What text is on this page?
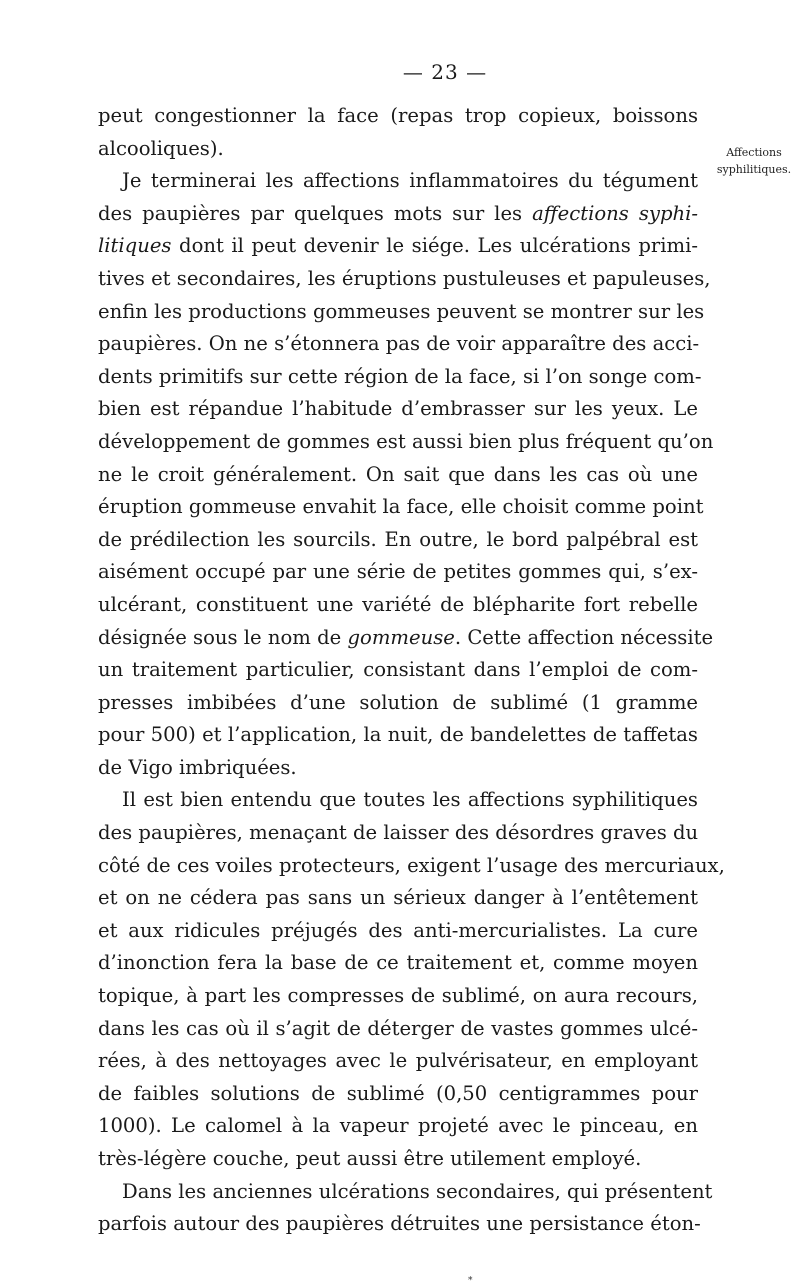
— 23 —
Affections
syphilitiques.
peut congestionner la face (repas trop copieux, boissons
alcooliques).
Je terminerai les affections inflammatoires du tégument
des paupières par quelques mots sur les affections syphi-
litiques dont il peut devenir le siége. Les ulcérations primi-
tives et secondaires, les éruptions pustuleuses et papuleuses,
enfin les productions gommeuses peuvent se montrer sur les
paupières. On ne s’étonnera pas de voir apparaître des acci-
dents primitifs sur cette région de la face, si l’on songe com-
bien est répandue l’habitude d’embrasser sur les yeux. Le
développement de gommes est aussi bien plus fréquent qu’on
ne le croit généralement. On sait que dans les cas où une
éruption gommeuse envahit la face, elle choisit comme point
de prédilection les sourcils. En outre, le bord palpébral est
aisément occupé par une série de petites gommes qui, s’ex-
ulcérant, constituent une variété de blépharite fort rebelle
désignée sous le nom de gommeuse. Cette affection nécessite
un traitement particulier, consistant dans l’emploi de com-
presses imbibées d’une solution de sublimé (1 gramme
pour 500) et l’application, la nuit, de bandelettes de taffetas
de Vigo imbriquées.
Il est bien entendu que toutes les affections syphilitiques
des paupières, menaçant de laisser des désordres graves du
côté de ces voiles protecteurs, exigent l’usage des mercuriaux,
et on ne cédera pas sans un sérieux danger à l’entêtement
et aux ridicules préjugés des anti-mercurialistes. La cure
d’inonction fera la base de ce traitement et, comme moyen
topique, à part les compresses de sublimé, on aura recours,
dans les cas où il s’agit de déterger de vastes gommes ulcé-
rées, à des nettoyages avec le pulvérisateur, en employant
de faibles solutions de sublimé (0,50 centigrammes pour
1000). Le calomel à la vapeur projeté avec le pinceau, en
très-légère couche, peut aussi être utilement employé.
Dans les anciennes ulcérations secondaires, qui présentent
parfois autour des paupières détruites une persistance éton-
*
